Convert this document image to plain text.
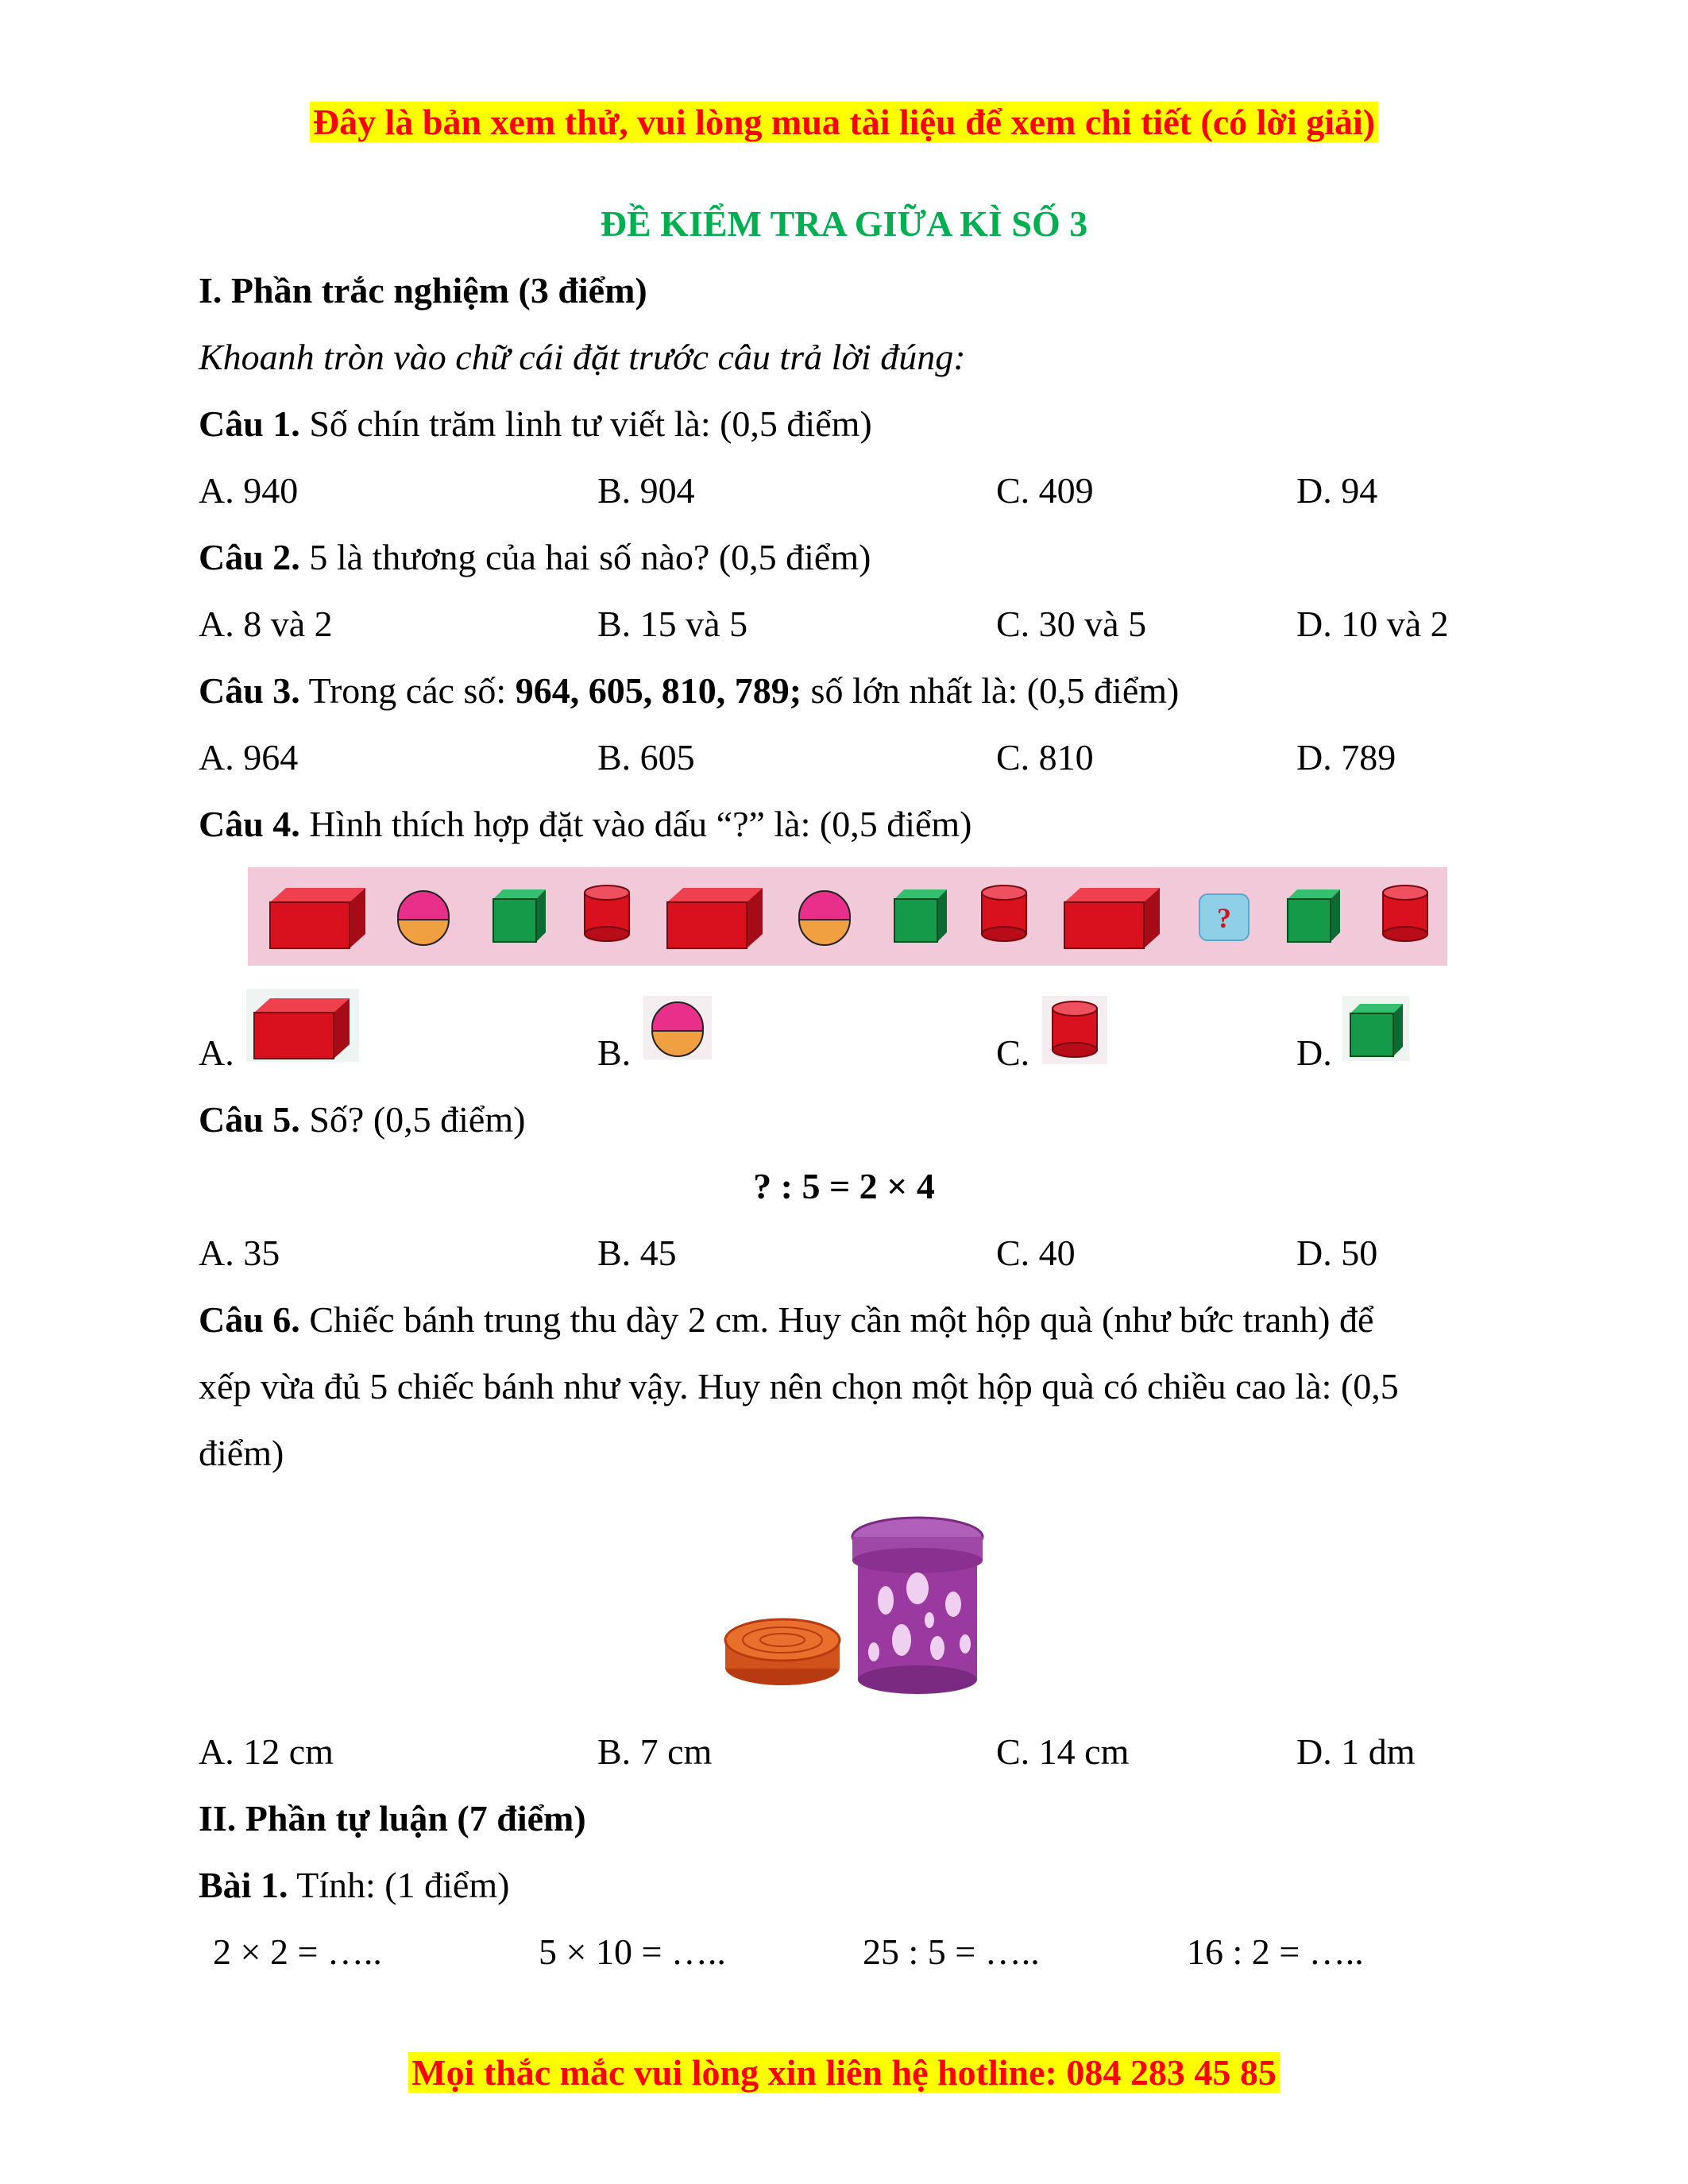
Đây là bản xem thử, vui lòng mua tài liệu để xem chi tiết (có lời giải)
ĐỀ KIỂM TRA GIỮA KÌ SỐ 3
I. Phần trắc nghiệm (3 điểm)
Khoanh tròn vào chữ cái đặt trước câu trả lời đúng:
Câu 1. Số chín trăm linh tư viết là: (0,5 điểm)
A. 940	B. 904	C. 409	D. 94
Câu 2. 5 là thương của hai số nào? (0,5 điểm)
A. 8 và 2	B. 15 và 5	C. 30 và 5	D. 10 và 2
Câu 3. Trong các số: 964, 605, 810, 789; số lớn nhất là: (0,5 điểm)
A. 964	B. 605	C. 810	D. 789
Câu 4. Hình thích hợp đặt vào dấu “?” là: (0,5 điểm)
?
A.	B.	C.	D.
Câu 5. Số? (0,5 điểm)
? : 5 = 2 × 4
A. 35	B. 45	C. 40	D. 50
Câu 6. Chiếc bánh trung thu dày 2 cm. Huy cần một hộp quà (như bức tranh) để
xếp vừa đủ 5 chiếc bánh như vậy. Huy nên chọn một hộp quà có chiều cao là: (0,5
điểm)
A. 12 cm	B. 7 cm	C. 14 cm	D. 1 dm
II. Phần tự luận (7 điểm)
Bài 1. Tính: (1 điểm)
2 × 2 = …..	5 × 10 = …..	25 : 5 = …..	16 : 2 = …..
Mọi thắc mắc vui lòng xin liên hệ hotline: 084 283 45 85
